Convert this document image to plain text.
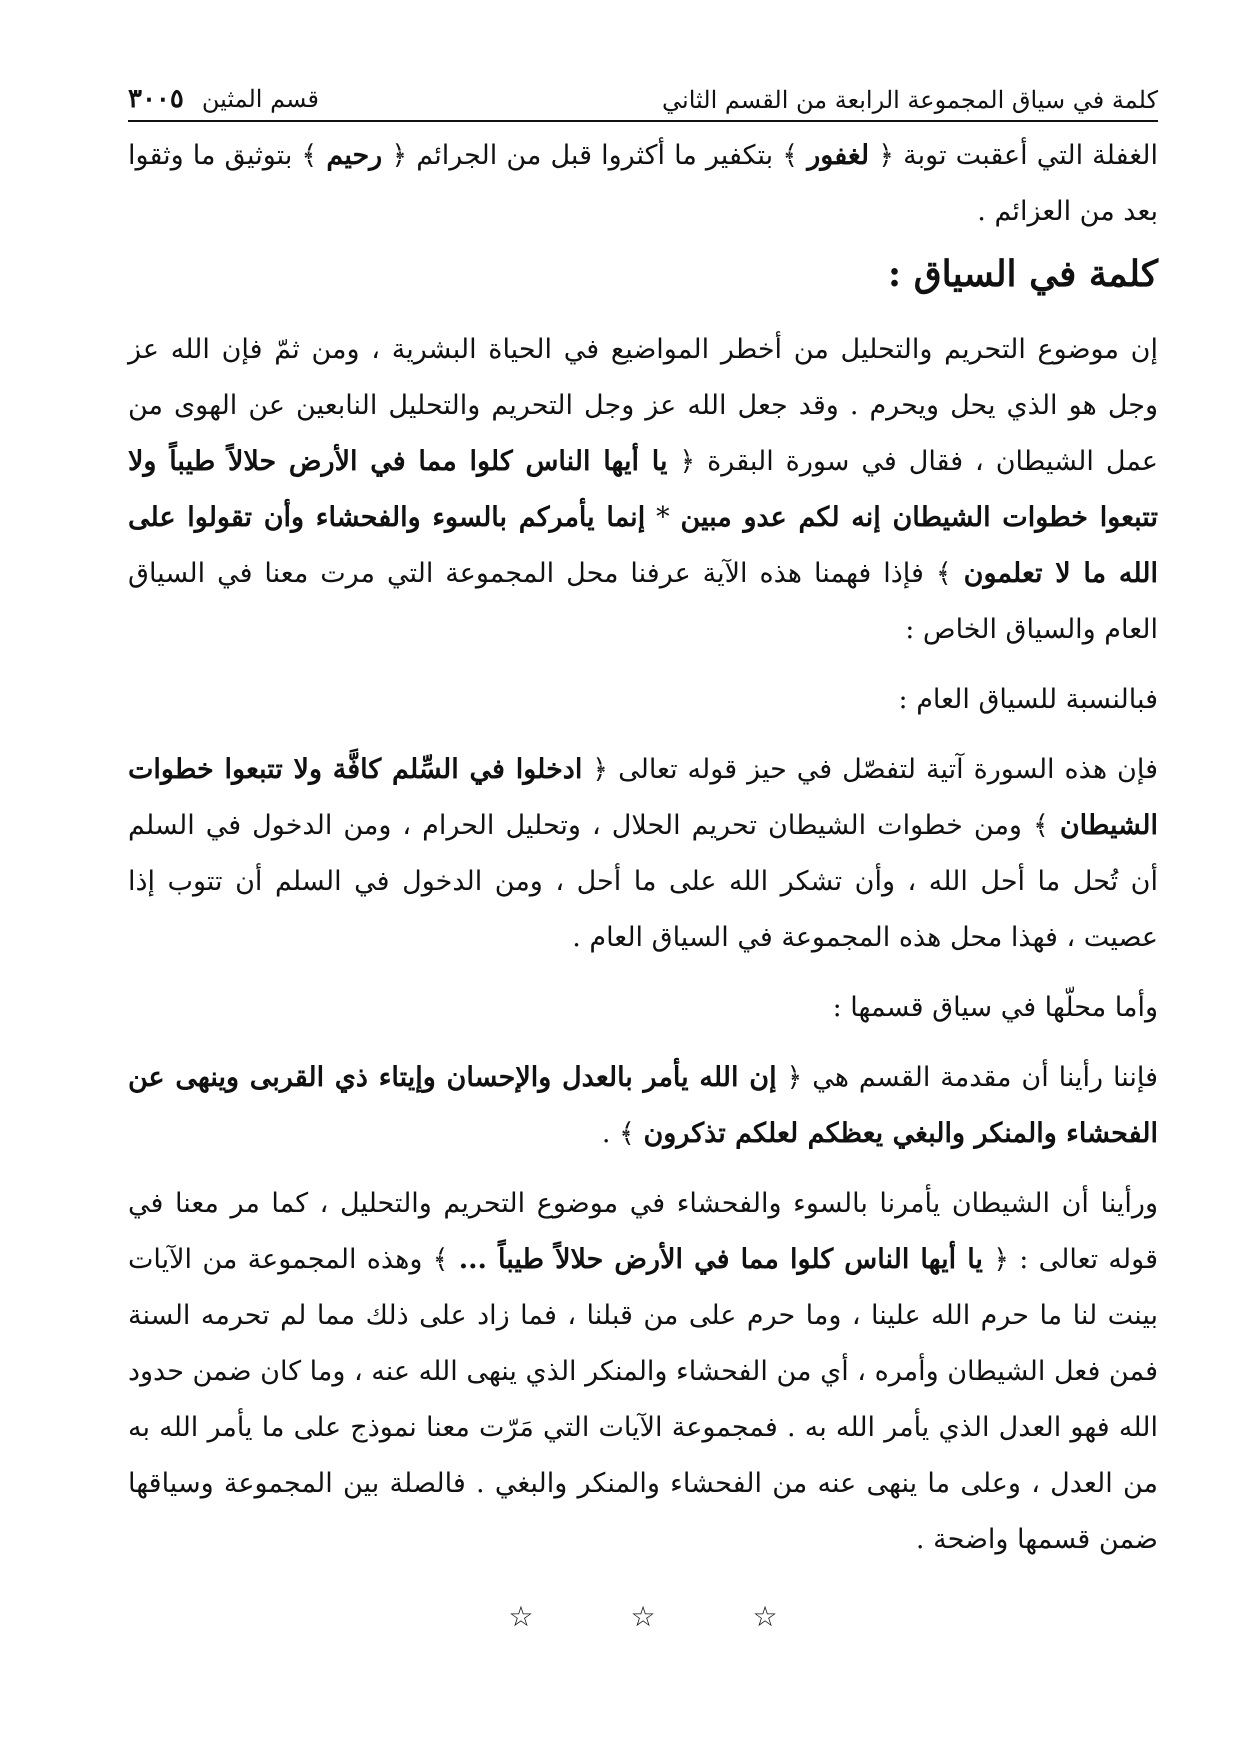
كلمة في سياق المجموعة الرابعة من القسم الثاني
قسم المثين
٣٠٠٥

الغفلة التي أعقبت توبة ﴿ لغفور ﴾ بتكفير ما أكثروا قبل من الجرائم ﴿ رحيم ﴾ بتوثيق ما وثقوا بعد من العزائم .

كلمة في السياق :

إن موضوع التحريم والتحليل من أخطر المواضيع في الحياة البشرية ، ومن ثمّ فإن الله عز وجل هو الذي يحل ويحرم . وقد جعل الله عز وجل التحريم والتحليل النابعين عن الهوى من عمل الشيطان ، فقال في سورة البقرة ﴿ يا أيها الناس كلوا مما في الأرض حلالاً طيباً ولا تتبعوا خطوات الشيطان إنه لكم عدو مبين * إنما يأمركم بالسوء والفحشاء وأن تقولوا على الله ما لا تعلمون ﴾ فإذا فهمنا هذه الآية عرفنا محل المجموعة التي مرت معنا في السياق العام والسياق الخاص :

فبالنسبة للسياق العام :

فإن هذه السورة آتية لتفصّل في حيز قوله تعالى ﴿ ادخلوا في السِّلم كافَّة ولا تتبعوا خطوات الشيطان ﴾ ومن خطوات الشيطان تحريم الحلال ، وتحليل الحرام ، ومن الدخول في السلم أن تُحل ما أحل الله ، وأن تشكر الله على ما أحل ، ومن الدخول في السلم أن تتوب إذا عصيت ، فهذا محل هذه المجموعة في السياق العام .

وأما محلّها في سياق قسمها :

فإننا رأينا أن مقدمة القسم هي ﴿ إن الله يأمر بالعدل والإحسان وإيتاء ذي القربى وينهى عن الفحشاء والمنكر والبغي يعظكم لعلكم تذكرون ﴾ .

ورأينا أن الشيطان يأمرنا بالسوء والفحشاء في موضوع التحريم والتحليل ، كما مر معنا في قوله تعالى : ﴿ يا أيها الناس كلوا مما في الأرض حلالاً طيباً ... ﴾ وهذه المجموعة من الآيات بينت لنا ما حرم الله علينا ، وما حرم على من قبلنا ، فما زاد على ذلك مما لم تحرمه السنة فمن فعل الشيطان وأمره ، أي من الفحشاء والمنكر الذي ينهى الله عنه ، وما كان ضمن حدود الله فهو العدل الذي يأمر الله به . فمجموعة الآيات التي مَرّت معنا نموذج على ما يأمر الله به من العدل ، وعلى ما ينهى عنه من الفحشاء والمنكر والبغي . فالصلة بين المجموعة وسياقها ضمن قسمها واضحة .

☆	☆	☆
